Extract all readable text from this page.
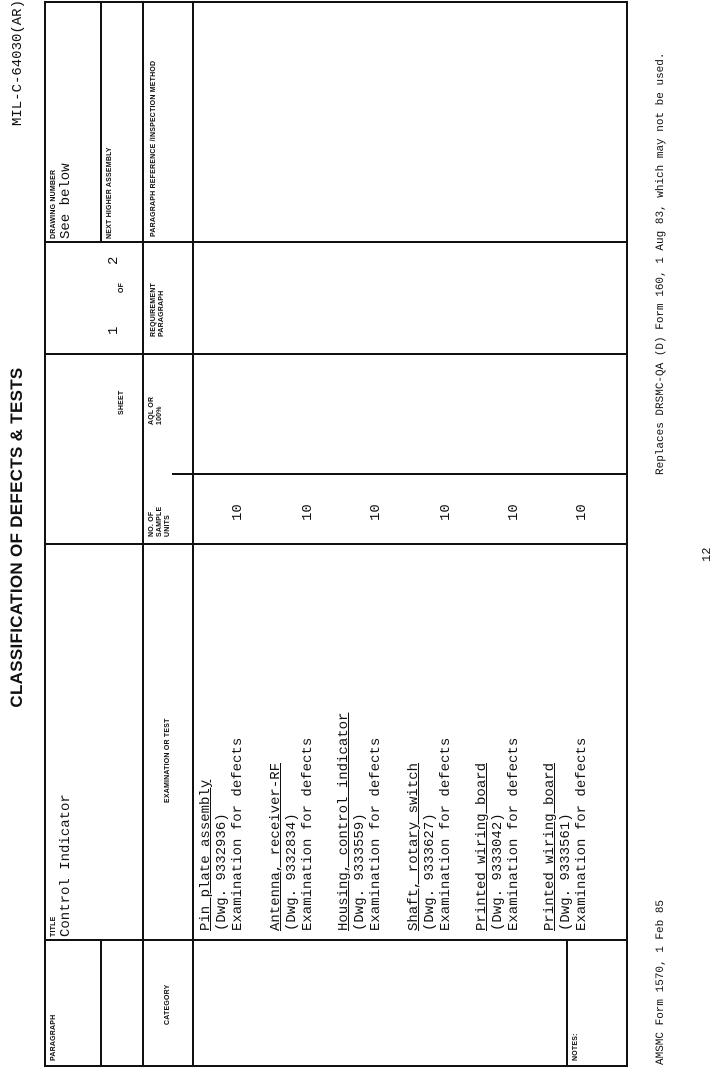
CLASSIFICATION OF DEFECTS & TESTS
MIL-C-64030(AR)
PARAGRAPH
TITLE Control Indicator
SHEET
1
OF
2
DRAWING NUMBER See below	NEXT HIGHER ASSEMBLY
CATEGORY
EXAMINATION OR TEST
NO. OF SAMPLE UNITS
AQL OR 100%
REQUIREMENT PARAGRAPH
PARAGRAPH REFERENCE /INSPECTION METHOD
Pin plate assembly (Dwg. 9332936) Examination for defects
10
Antenna, receiver-RF (Dwg. 9332834) Examination for defects
10
Housing, control indicator (Dwg. 9333559) Examination for defects
10
Shaft, rotary switch (Dwg. 9333627) Examination for defects
10
Printed wiring board (Dwg. 9333042) Examination for defects
10
Printed wiring board (Dwg. 9333561) Examination for defects
10
NOTES:	AMSMC Form 1570, 1 Feb 85
Replaces DRSMC-QA (D) Form 160, 1 Aug 83, which may not be used.
12
